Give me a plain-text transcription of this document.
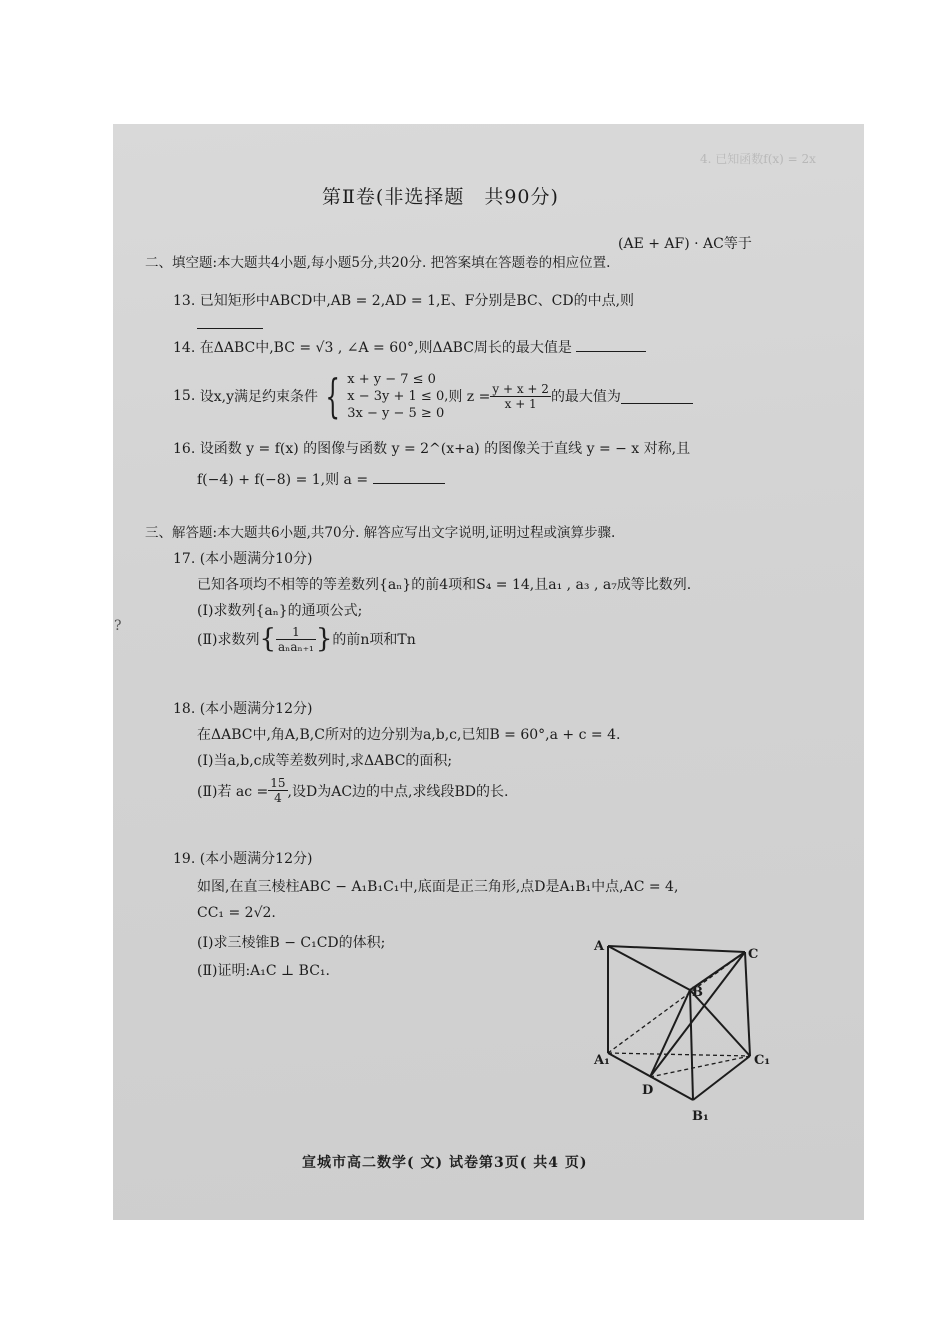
4. 已知函数f(x) = 2x
?
第Ⅱ卷(非选择题　共90分)
二、填空题:本大题共4小题,每小题5分,共20分. 把答案填在答题卷的相应位置.
(AE + AF) · AC等于
13. 已知矩形中ABCD中,AB = 2,AD = 1,E、F分别是BC、CD的中点,则
14. 在ΔABC中,BC = √3 , ∠A = 60°,则ΔABC周长的最大值是
15.
设x,y满足约束条件 { x + y − 7 ≤ 0
x − 3y + 1 ≤ 0,
3x − y − 5 ≥ 0
则 $z = \frac{y + x + 2}{x + 1}$ 的最大值为
16. 设函数 y = f(x) 的图像与函数 y = 2^(x+a) 的图像关于直线 y = − x 对称,且
f(−4) + f(−8) = 1,则 a =
三、解答题:本大题共6小题,共70分. 解答应写出文字说明,证明过程或演算步骤.
17. (本小题满分10分)
已知各项均不相等的等差数列{aₙ}的前4项和S₄ = 14,且a₁ , a₃ , a₇成等比数列.
(Ⅰ)求数列{aₙ}的通项公式;
(Ⅱ)求数列 { $\frac{1}{\text{aₙaₙ₊₁}}$ } 的前n项和Tn
18. (本小题满分12分)
在ΔABC中,角A,B,C所对的边分别为a,b,c,已知B = 60°,a + c = 4.
(Ⅰ)当a,b,c成等差数列时,求ΔABC的面积;
(Ⅱ)若 ac = $\frac{15}{4}$ ,设D为AC边的中点,求线段BD的长.
19. (本小题满分12分)
如图,在直三棱柱ABC − A₁B₁C₁中,底面是正三角形,点D是A₁B₁中点,AC = 4,
CC₁ = 2√2.
(Ⅰ)求三棱锥B − C₁CD的体积;
(Ⅱ)证明:A₁C ⊥ BC₁.
A
C
B
A₁	C₁
D
B₁
宣城市高二数学( 文) 试卷第3页( 共4 页)
